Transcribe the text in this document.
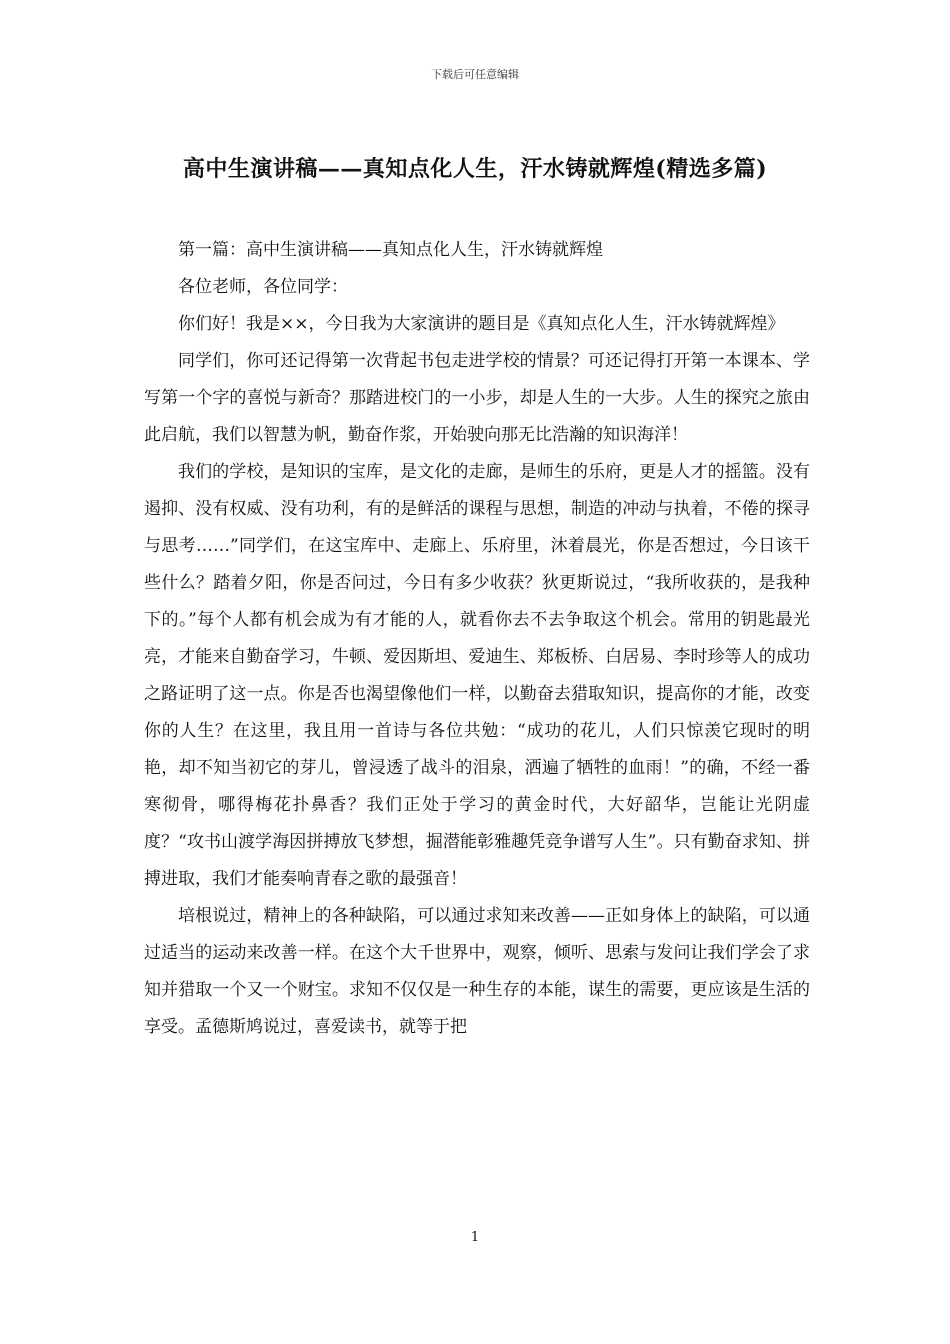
下载后可任意编辑
高中生演讲稿——真知点化人生，汗水铸就辉煌(精选多篇)

第一篇：高中生演讲稿——真知点化人生，汗水铸就辉煌

各位老师，各位同学：

你们好！我是××，今日我为大家演讲的题目是《真知点化人生，汗水铸就辉煌》

同学们，你可还记得第一次背起书包走进学校的情景？可还记得打开第一本课本、学写第一个字的喜悦与新奇？那踏进校门的一小步，却是人生的一大步。人生的探究之旅由此启航，我们以智慧为帆，勤奋作浆，开始驶向那无比浩瀚的知识海洋！

我们的学校，是知识的宝库，是文化的走廊，是师生的乐府，更是人才的摇篮。没有遏抑、没有权威、没有功利，有的是鲜活的课程与思想，制造的冲动与执着，不倦的探寻与思考……”同学们，在这宝库中、走廊上、乐府里，沐着晨光，你是否想过，今日该干些什么？踏着夕阳，你是否问过，今日有多少收获？狄更斯说过，“我所收获的，是我种下的。”每个人都有机会成为有才能的人，就看你去不去争取这个机会。常用的钥匙最光亮，才能来自勤奋学习，牛顿、爱因斯坦、爱迪生、郑板桥、白居易、李时珍等人的成功之路证明了这一点。你是否也渴望像他们一样，以勤奋去猎取知识，提高你的才能，改变你的人生？在这里，我且用一首诗与各位共勉：“成功的花儿，人们只惊羡它现时的明艳，却不知当初它的芽儿，曾浸透了战斗的泪泉，洒遍了牺牲的血雨！”的确，不经一番寒彻骨，哪得梅花扑鼻香？我们正处于学习的黄金时代，大好韶华，岂能让光阴虚度？“攻书山渡学海因拼搏放飞梦想，掘潜能彰雅趣凭竞争谱写人生”。只有勤奋求知、拼搏进取，我们才能奏响青春之歌的最强音！

培根说过，精神上的各种缺陷，可以通过求知来改善——正如身体上的缺陷，可以通过适当的运动来改善一样。在这个大千世界中，观察，倾听、思索与发问让我们学会了求知并猎取一个又一个财宝。求知不仅仅是一种生存的本能，谋生的需要，更应该是生活的享受。孟德斯鸠说过，喜爱读书，就等于把

1
